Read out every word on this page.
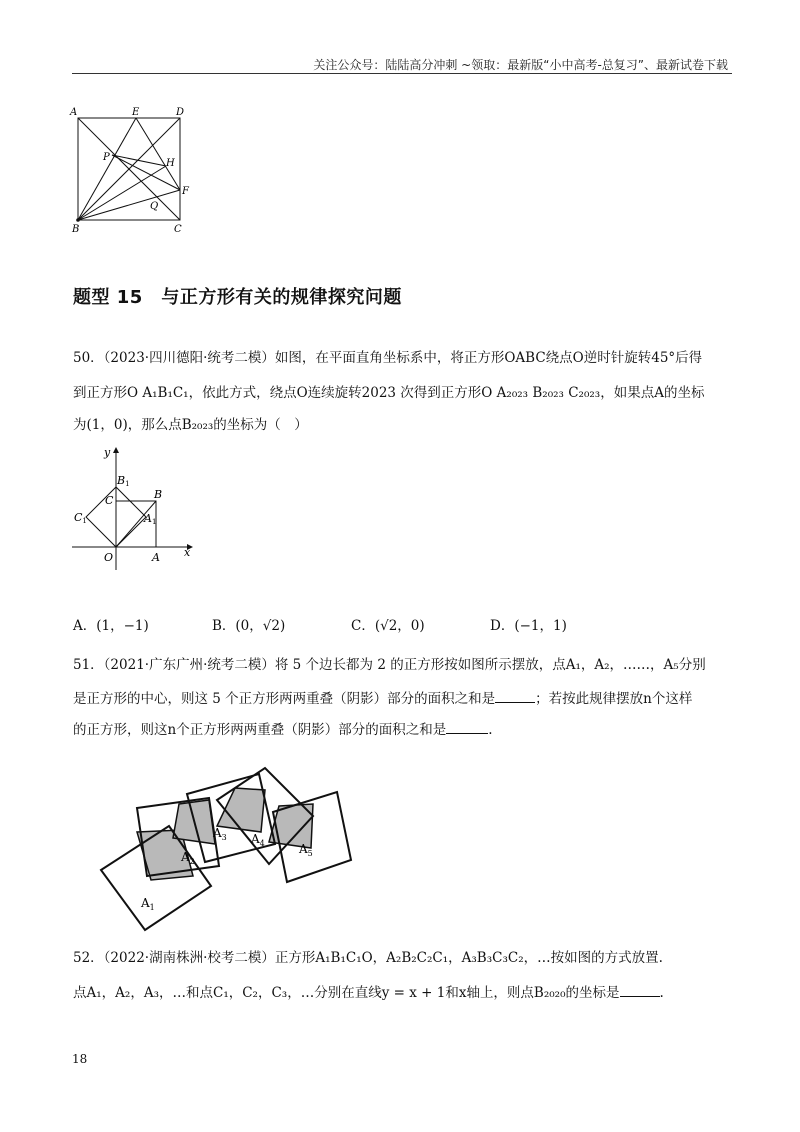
关注公众号：陆陆高分冲刺 ~领取：最新版“小中高考-总复习”、最新试卷下载
A	E	D
P
H
F
Q
B	C
题型 15　与正方形有关的规律探究问题
50．（2023·四川德阳·统考二模）如图，在平面直角坐标系中，将正方形OABC绕点O逆时针旋转45°后得
到正方形O A₁B₁C₁，依此方式，绕点O连续旋转2023 次得到正方形O A₂₀₂₃ B₂₀₂₃ C₂₀₂₃，如果点A的坐标
为(1，0)，那么点B₂₀₂₃的坐标为（　）
y
x
O	A
B
C
B1
A1
C1
A．(1，−1)	B．(0，√2)	C．(√2，0)	D．(−1，1)
51．（2021·广东广州·统考二模）将 5 个边长都为 2 的正方形按如图所示摆放，点A₁，A₂，……，A₅分别
是正方形的中心，则这 5 个正方形两两重叠（阴影）部分的面积之和是	；若按此规律摆放n个这样
的正方形，则这n个正方形两两重叠（阴影）部分的面积之和是	.
$A_1$
$A_2$
$A_3$ $A_4$	$A_5$
52．（2022·湖南株洲·校考二模）正方形A₁B₁C₁O，A₂B₂C₂C₁，A₃B₃C₃C₂，…按如图的方式放置.
点A₁，A₂，A₃，…和点C₁，C₂，C₃，…分别在直线y = x + 1和x轴上，则点B₂₀₂₀的坐标是	.
18
